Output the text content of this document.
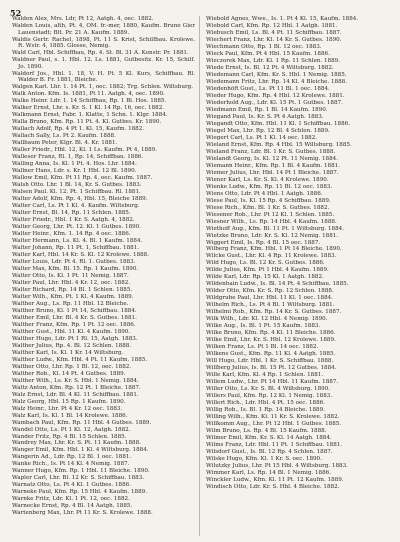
52
Walden Alex, Mrs. Ldr, Pt 12, Aatgh. 4, oec. 1882.
Walden Louis, alth, Pt. 4, OM. fr.-mer, 1880, Kaufm. Bruno Gier Lauenstadt; Blt. Pr. 21 A. Kaufm. 1889.
Waldis Gertr. Rachel, 1898, Pt. 11 S. Krist, Schilfbau. Krolewe. R. Wstr. 4, 1885. Glosse, Nemig.
Wald Carl, Hbl. Schiffbau, Rp. 4. St. Bl. 31 A. Konstr. Pr. 1881.
Waldner Paul, s. 1. Hbl. 12. Ls. 1881, Gutbesitz. Kr. 15, Schilf. Jo. 1890.
Waldorf Jos., Hbl. 1. 18, V. H. Pt. 5 Kl. Kurs, Schiffbau. Rl. Walder B. Fr. 1881, Bleiche.
Walgen Karl. Lhr. 1. 14 Pt. 1, oec. 1882; Trg. Schlen. Wiltsburg.
Walk Anton. Kfm. Is. 1881, Pt 11. Aatgh. 4, oec. 1890.
Walke Heinr. Ldr. 1. 14 Schiffbau, Rp. 1 Bl. Hos. 1885.
Walker Ernst, Lhr. s. Kr. S. 1 Kl. 14 Rp. 16, oec. 1882.
Walkmann Ernst, Fabr. 1. Klatte, 1 Schn. 1. Klgr. 1884.
Walla Bruno, Kfm. Rp. 11 Pt. 4. Kl. Gutbes. Kr. 1890.
Wallach Adolf, Rp. 4 Pt 1. Kl. 15, Kaufm. 1882.
Wallach Sally, Ls. Pt 2. Kaufm. 1888.
Wallbaum Peter, Klgr. Bl. 4. Kr. 1881.
Waller Friedr., Hbl. 12, Kl. 1 Ls. Kaufm. Pt 4, 1889.
Walleser Franz, Rl. 1, Rp. 14, Schiffbau. 1886.
Walling Anna, Is. Kl. 1 Pt. 4. Hos. Lhr. 1884.
Wallner Hans, Ldr. s. Kr. 1 Hbl. 12 Bl. 1890.
Wallow Emil, Kfm. Pt 11 Rp. 4, oec. Kaufm. 1887.
Walsh Otto. Lhr. 1 Bl. 14, Kr. S. Gutbes. 1883.
Walsen Paul. Kl. 12. Pt. 1 Schiffbau. Rl. 1881.
Walter Adolf, Kfm. Rp. 4, Hbl. 15, Bleiche 1889.
Walter Carl, Ls. Pt 1 Kl. 4. Kaufm. Wiltsburg.
Walter Ernst, Bl. 14, Rp. 11 Schlen. 1885.
Walter Friedr., Hbl. 1 Kr. S. Aatgh. 4, 1882.
Walter Georg, Lhr. Pt. 12. Kl. 1 Gutbes. 1890.
Walter Heinr., Kfm. 1. 14 Rp. 4 oec. 1886.
Walter Hermann, Ls. Kl. 4. Bl. 1 Kaufm. 1884.
Walter Johann, Rp. 11 Pt. 1, Schiffbau. 1881.
Walter Karl, Hbl. 14 Kr. S. Kl. 12 Krolewe. 1888.
Walter Louis, Ldr. Pt 4. Rl. 1. Gutbes. 1883.
Walter Max, Kfm. Bl. 15. Rp. 1 Kaufm. 1890.
Walter Otto, Is. Kl. 1 Pt. 11 Nemig. 1887.
Walter Paul, Lhr. Hbl. 4 Kr. 12, oec. 1882.
Walter Richard, Rp. 14 Bl. 1 Schlen. 1885.
Walter Wilh., Kfm. Pt. 1 Kl. 4 Kaufm. 1889.
Walther Aug., Ls. Rp. 11 Hbl. 12 Bleiche.
Walther Bruno, Kl. 1 Pt 14, Schiffbau. 1884.
Walther Emil, Lhr. Bl. 4 Kr. S. Gutbes. 1881.
Walther Franz, Kfm. Rp. 1 Pt. 12 oec. 1886.
Walther Gust., Hbl. 11 Kl. 4 Kaufm. 1890.
Walther Hugo, Ldr. Pt 1 Rl. 15, Aatgh. 1883.
Walther Julius, Rp. 4. Bl. 12 Schlen. 1888.
Walther Karl, Is. Kl. 1 Kr. 14 Wiltsburg.
Walther Ludw., Kfm. Hbl. 4 Pt. 11 Kaufm. 1885.
Walther Otto, Lhr. Rp. 1 Bl. 12, oec. 1882.
Walther Rob., Kl. 14 Pt. 4 Gutbes. 1889.
Walther Wilh., Ls. Kr. S. Hbl. 1 Nemig. 1884.
Waltz Anton, Kfm. Rp. 12 Pt. 1 Bleiche. 1887.
Walz Ernst, Ldr. Bl. 4 Kl. 11 Schiffbau. 1881.
Walz Georg, Hbl. 15 Rp. 1 Kaufm. 1890.
Walz Heinr., Lhr. Pt 4 Kr. 12 oec. 1883.
Walz Karl, Is. Kl. 1 Bl. 14 Krolewe. 1886.
Wambach Paul, Kfm. Rp. 11 Hbl. 4 Gutbes. 1889.
Wandel Otto, Ls. Pt 1 Kl. 12, Aatgh. 1882.
Wander Fritz, Rp. 4 Bl. 15 Schlen. 1885.
Wandrey Max, Lhr. Kr. S. Pt. 11 Kaufm. 1888.
Wanger Emil, Kfm. Hbl. 1 Kl. 4 Wiltsburg. 1884.
Wangerin Ad., Ldr. Rp. 12 Bl. 1 oec. 1881.
Wanke Rich., Is. Pt 14 Kl. 4 Nemig. 1887.
Wanner Hugo, Kfm. Rp. 1 Hbl. 11 Bleiche. 1890.
Wapler Carl, Lhr. Bl. 12 Kr. S. Schiffbau. 1883.
Warnatz Otto, Ls. Pt 4 Kl. 1 Gutbes. 1886.
Warneke Paul, Kfm. Rp. 15 Hbl. 4 Kaufm. 1889.
Warnke Fritz, Ldr. Kl. 1 Pt. 12, oec. 1882.
Warnecke Ernst, Rp. 4 Bl. 14 Aatgh. 1885.
Wartenberg Max, Lhr. Pt 11 Kr. S. Krolewe. 1888.
Wiebold Agnes, Wwe., Is. 1. Pt 4 Kl. 15, Kaufm. 1884.
Wiebold Carl, Kfm. Rp. 12 Hbl. 1 Aatgh. 1881.
Wiebusch Emil, Ls. Bl. 4 Pt. 11 Schiffbau. 1887.
Wiechert Franz, Lhr. Kl. 14 Kr. S. Gutbes. 1890.
Wiechmann Otto, Rp. 1 Bl. 12 oec. 1883.
Wieck Paul, Kfm. Pt 4 Hbl. 15 Kaufm. 1886.
Wieczorek Max, Ldr. Kl. 1 Rp. 11 Schlen. 1889.
Wiede Ernst, Is. Bl. 12 Pt. 4 Wiltsburg. 1882.
Wiedemann Carl, Kfm. Kr. S. Hbl. 1 Nemig. 1885.
Wiedemann Fritz, Lhr. Rp. 14 Kl. 4 Bleiche. 1888.
Wiedenhöft Gust., Ls. Pt 11 Bl. 1 oec. 1884.
Wieder Hugo, Kfm. Rp. 4 Hbl. 12 Krolewe. 1881.
Wiederhold Aug., Ldr. Kl. 15 Pt. 1 Gutbes. 1887.
Wiedmann Emil, Rp. 1 Bl. 14 Kaufm. 1890.
Wiegand Paul, Is. Kr. S. Pt 4 Aatgh. 1883.
Wiegandt Otto, Kfm. Hbl. 11 Kl. 1 Schiffbau. 1886.
Wiegel Max, Lhr. Rp. 12 Bl. 4 Schlen. 1889.
Wiegert Carl, Ls. Pt 1 Kl. 14 oec. 1882.
Wieland Ernst, Kfm. Rp. 4 Hbl. 15 Wiltsburg. 1885.
Wieland Franz, Ldr. Bl. 1 Kr. S. Gutbes. 1888.
Wielandt Georg, Is. Kl. 12 Pt. 11 Nemig. 1884.
Wiemann Heinr., Kfm. Rp. 1 Bl. 4 Kaufm. 1881.
Wiemer Julius, Lhr. Hbl. 14 Pt 1 Bleiche. 1887.
Wiener Karl, Ls. Kr. S. Kl. 4 Krolewe. 1890.
Wienke Ludw., Kfm. Rp. 11 Bl. 12 oec. 1883.
Wiens Otto, Ldr. Pt 4 Hbl. 1 Aatgh. 1886.
Wiese Paul, Is. Kl. 15 Rp. 4 Schiffbau. 1889.
Wiese Rich., Kfm. Bl. 1 Kr. S. Gutbes. 1882.
Wiesener Rob., Lhr. Pt 12 Kl. 1 Schlen. 1885.
Wiesner Wilh., Ls. Rp. 14 Hbl. 4 Kaufm. 1888.
Wiethoff Aug., Kfm. Bl. 11 Pt. 1 Wiltsburg. 1884.
Wietzke Bruno, Ldr. Kr. S. Kl. 12 Nemig. 1881.
Wiggert Emil, Is. Rp. 4 Bl. 15 oec. 1887.
Wilberg Franz, Kfm. Hbl. 1 Pt 14 Bleiche. 1890.
Wilcke Gust., Lhr. Kl. 4 Rp. 11 Krolewe. 1883.
Wild Hugo, Ls. Bl. 12 Kr. S. Gutbes. 1886.
Wilde Julius, Kfm. Pt 1 Hbl. 4 Kaufm. 1889.
Wilde Karl, Ldr. Rp. 15 Kl. 1 Aatgh. 1882.
Wildenhain Ludw., Is. Bl. 14 Pt. 4 Schiffbau. 1885.
Wilder Otto, Kfm. Kr. S. Rp. 12 Schlen. 1888.
Wildgrube Paul, Lhr. Hbl. 11 Kl. 1 oec. 1884.
Wilhelm Rich., Ls. Pt 4 Bl. 1 Wiltsburg. 1881.
Wilhelmi Rob., Kfm. Rp. 14 Kr. S. Gutbes. 1887.
Wilk Wilh., Ldr. Kl. 12 Hbl. 4 Nemig. 1890.
Wilke Aug., Is. Bl. 1 Pt. 15 Kaufm. 1883.
Wilke Bruno, Kfm. Rp. 4 Kl. 11 Bleiche. 1886.
Wilke Emil, Lhr. Kr. S. Hbl. 12 Krolewe. 1889.
Wilken Franz, Ls. Pt 1 Bl. 14 oec. 1882.
Wilkens Gust., Kfm. Rp. 11 Kl. 4 Aatgh. 1885.
Will Hugo, Ldr. Hbl. 1 Kr. S. Schiffbau. 1888.
Willberg Julius, Is. Bl. 15 Pt. 12 Gutbes. 1884.
Wille Karl, Kfm. Kl. 4 Rp. 1 Schlen. 1881.
Willem Ludw., Lhr. Pt 14 Hbl. 11 Kaufm. 1887.
Willer Otto, Ls. Kr. S. Bl. 4 Wiltsburg. 1890.
Willers Paul, Kfm. Rp. 12 Kl. 1 Nemig. 1883.
Willert Rich., Ldr. Hbl. 4 Pt. 15 oec. 1886.
Willig Rob., Is. Bl. 1 Rp. 14 Bleiche. 1889.
Willing Wilh., Kfm. Kl. 11 Kr. S. Krolewe. 1882.
Willkomm Aug., Lhr. Pt 12 Hbl. 1 Gutbes. 1885.
Wilm Bruno, Ls. Rp. 4 Bl. 15 Kaufm. 1888.
Wilmer Emil, Kfm. Kr. S. Kl. 14 Aatgh. 1884.
Wilms Franz, Ldr. Hbl. 11 Pt. 1 Schiffbau. 1881.
Wilsdorf Gust., Is. Bl. 12 Rp. 4 Schlen. 1887.
Wilske Hugo, Kfm. Kl. 1 Kr. S. oec. 1890.
Wilutzky Julius, Lhr. Pt 15 Hbl. 4 Wiltsburg. 1883.
Wimmer Karl, Ls. Rp. 14 Bl. 1 Nemig. 1886.
Winckler Ludw., Kfm. Kl. 11 Pt. 12 Kaufm. 1889.
Windisch Otto, Ldr. Kr. S. Hbl. 4 Bleiche. 1882.
